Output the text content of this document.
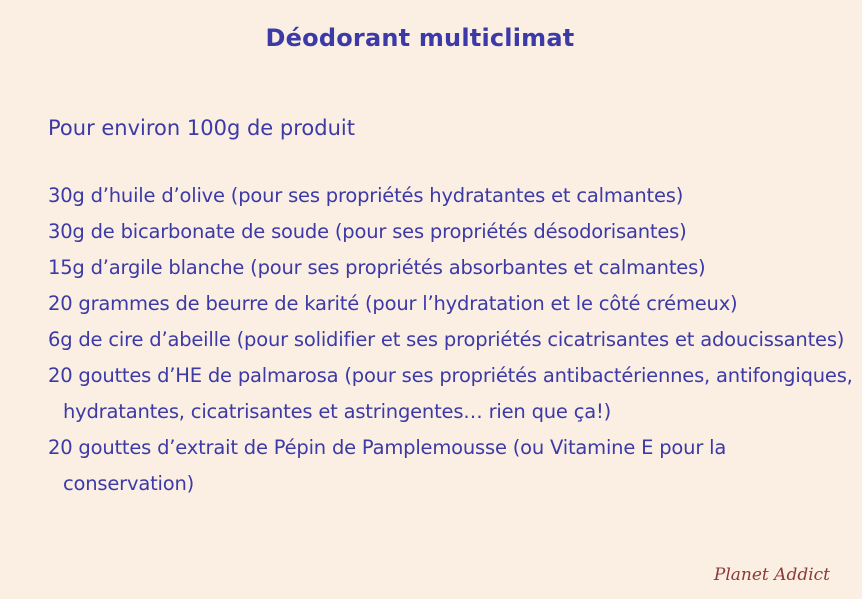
Déodorant multiclimat
Pour environ 100g de produit
30g d’huile d’olive (pour ses propriétés hydratantes et calmantes)
30g de bicarbonate de soude (pour ses propriétés désodorisantes)
15g d’argile blanche (pour ses propriétés absorbantes et calmantes)
20 grammes de beurre de karité (pour l’hydratation et le côté crémeux)
6g de cire d’abeille (pour solidifier et ses propriétés cicatrisantes et adoucissantes)
20 gouttes d’HE de palmarosa (pour ses propriétés antibactériennes, antifongiques, hydratantes, cicatrisantes et astringentes… rien que ça!)
20 gouttes d’extrait de Pépin de Pamplemousse (ou Vitamine E pour la conservation)
Planet Addict
